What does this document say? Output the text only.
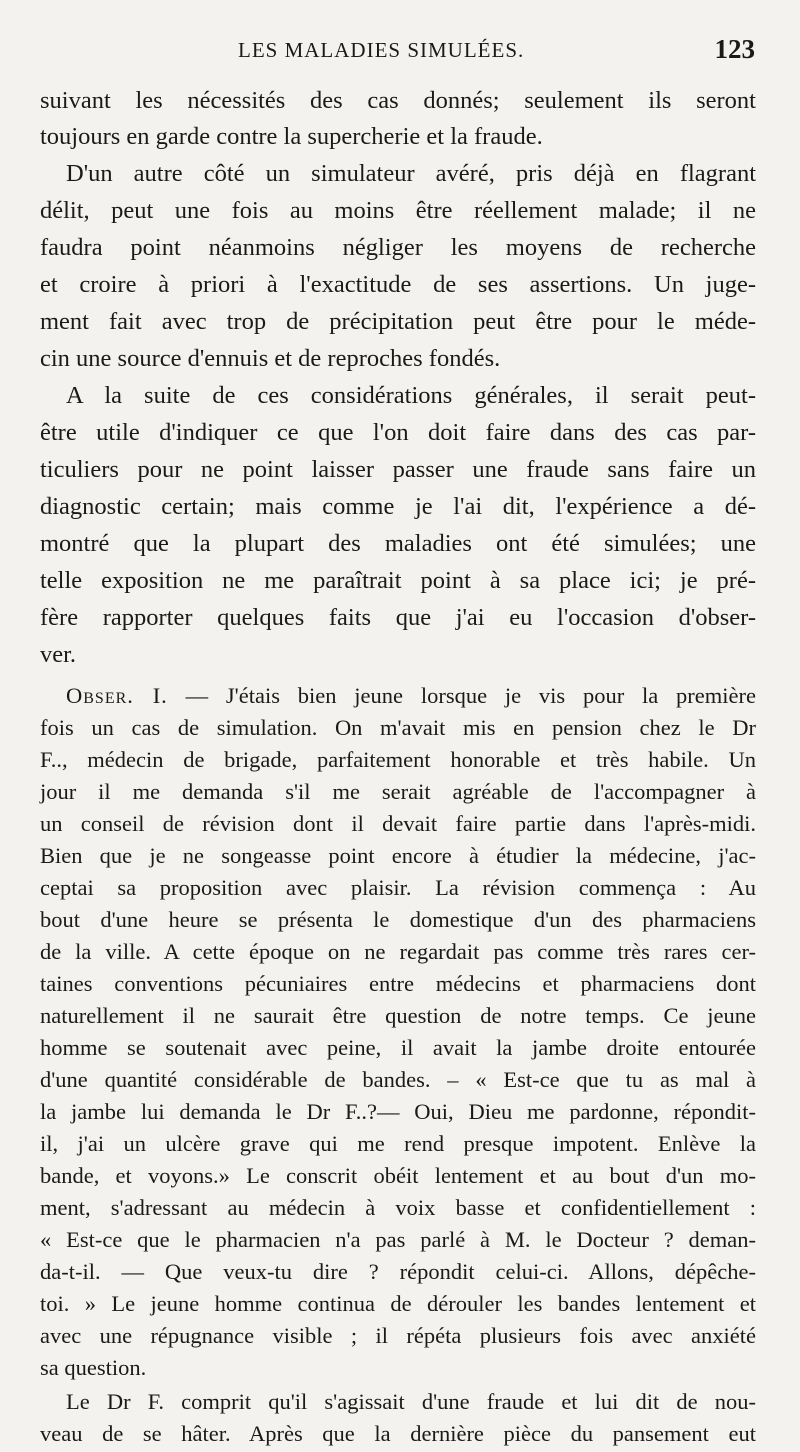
LES MALADIES SIMULÉES.	123
suivant les nécessités des cas donnés; seulement ils seront
toujours en garde contre la supercherie et la fraude.
D'un autre côté un simulateur avéré, pris déjà en flagrant
délit, peut une fois au moins être réellement malade; il ne
faudra point néanmoins négliger les moyens de recherche
et croire à priori à l'exactitude de ses assertions. Un juge-
ment fait avec trop de précipitation peut être pour le méde-
cin une source d'ennuis et de reproches fondés.
A la suite de ces considérations générales, il serait peut-
être utile d'indiquer ce que l'on doit faire dans des cas par-
ticuliers pour ne point laisser passer une fraude sans faire un
diagnostic certain; mais comme je l'ai dit, l'expérience a dé-
montré que la plupart des maladies ont été simulées; une
telle exposition ne me paraîtrait point à sa place ici; je pré-
fère rapporter quelques faits que j'ai eu l'occasion d'obser-
ver.
Obser. I. — J'étais bien jeune lorsque je vis pour la première
fois un cas de simulation. On m'avait mis en pension chez le Dr
F.., médecin de brigade, parfaitement honorable et très habile. Un
jour il me demanda s'il me serait agréable de l'accompagner à
un conseil de révision dont il devait faire partie dans l'après-midi.
Bien que je ne songeasse point encore à étudier la médecine, j'ac-
ceptai sa proposition avec plaisir. La révision commença : Au
bout d'une heure se présenta le domestique d'un des pharmaciens
de la ville. A cette époque on ne regardait pas comme très rares cer-
taines conventions pécuniaires entre médecins et pharmaciens dont
naturellement il ne saurait être question de notre temps. Ce jeune
homme se soutenait avec peine, il avait la jambe droite entourée
d'une quantité considérable de bandes. – « Est-ce que tu as mal à
la jambe lui demanda le Dr F..?— Oui, Dieu me pardonne, répondit-
il, j'ai un ulcère grave qui me rend presque impotent. Enlève la
bande, et voyons.» Le conscrit obéit lentement et au bout d'un mo-
ment, s'adressant au médecin à voix basse et confidentiellement :
« Est-ce que le pharmacien n'a pas parlé à M. le Docteur ? deman-
da-t-il. — Que veux-tu dire ? répondit celui-ci. Allons, dépêche-
toi. » Le jeune homme continua de dérouler les bandes lentement et
avec une répugnance visible ; il répéta plusieurs fois avec anxiété
sa question.
Le Dr F. comprit qu'il s'agissait d'une fraude et lui dit de nou-
veau de se hâter. Après que la dernière pièce du pansement eut
